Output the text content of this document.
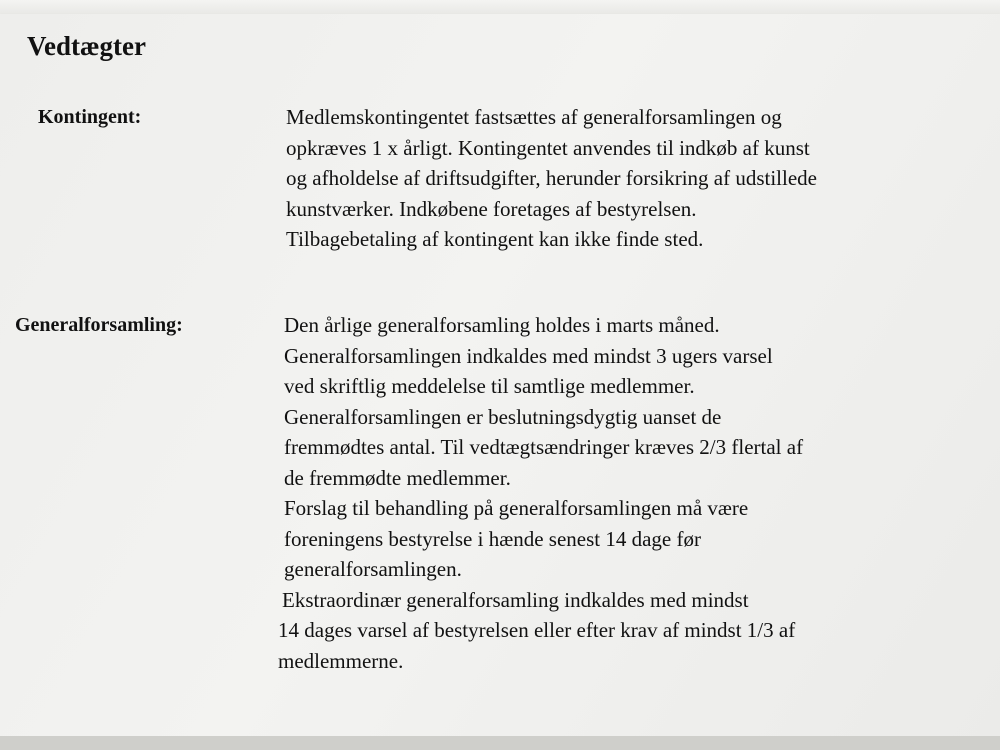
Vedtægter

Kontingent:	Medlemskontingentet fastsættes af generalforsamlingen og
opkræves 1 x årligt. Kontingentet anvendes til indkøb af kunst
og afholdelse af driftsudgifter, herunder forsikring af udstillede
kunstværker. Indkøbene foretages af bestyrelsen.
Tilbagebetaling af kontingent kan ikke finde sted.

Generalforsamling:	Den årlige generalforsamling holdes i marts måned.
Generalforsamlingen indkaldes med mindst 3 ugers varsel
ved skriftlig meddelelse til samtlige medlemmer.
Generalforsamlingen er beslutningsdygtig uanset de
fremmødtes antal. Til vedtægtsændringer kræves 2/3 flertal af
de fremmødte medlemmer.
Forslag til behandling på generalforsamlingen må være
foreningens bestyrelse i hænde senest 14 dage før
generalforsamlingen.
Ekstraordinær generalforsamling indkaldes med mindst
14 dages varsel af bestyrelsen eller efter krav af mindst 1/3 af
medlemmerne.
